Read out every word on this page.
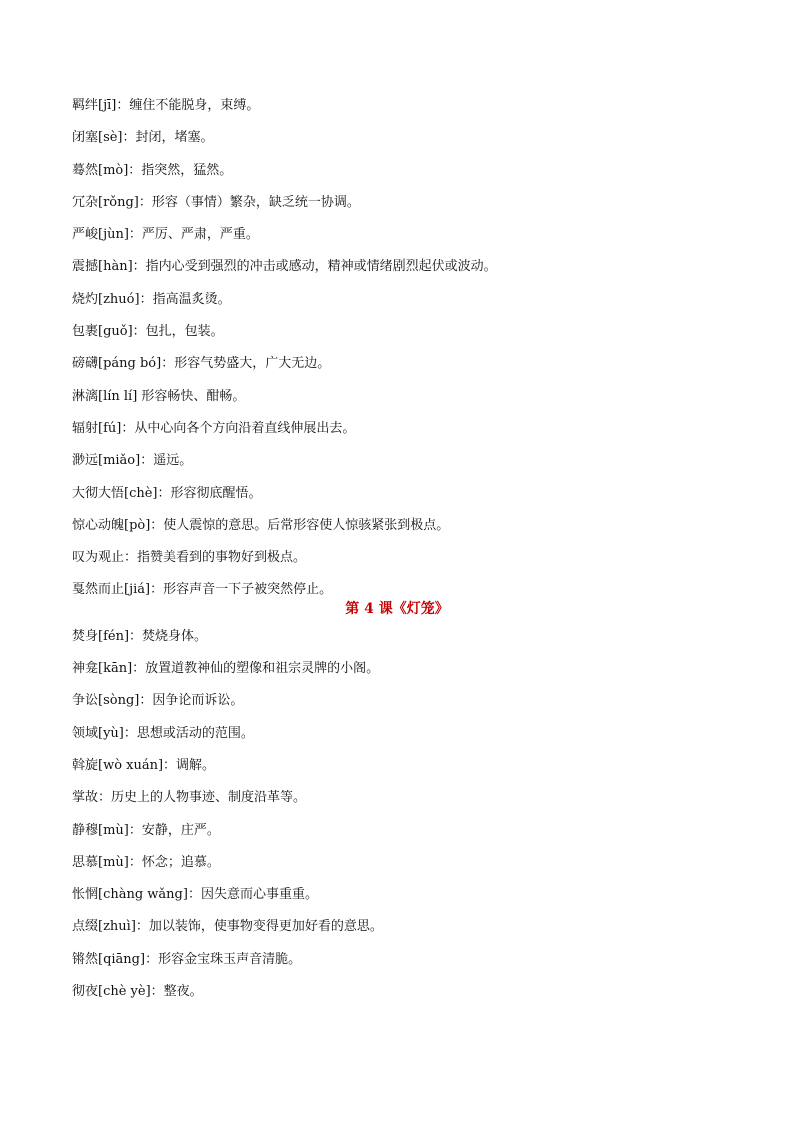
羁绊[jī]：缠住不能脱身，束缚。
闭塞[sè]：封闭，堵塞。
蓦然[mò]：指突然，猛然。
冗杂[rǒng]：形容（事情）繁杂，缺乏统一协调。
严峻[jùn]：严厉、严肃，严重。
震撼[hàn]：指内心受到强烈的冲击或感动，精神或情绪剧烈起伏或波动。
烧灼[zhuó]：指高温炙烫。
包裹[guǒ]：包扎，包装。
磅礴[páng bó]：形容气势盛大，广大无边。
淋漓[lín lí] 形容畅快、酣畅。
辐射[fú]：从中心向各个方向沿着直线伸展出去。
渺远[miǎo]：遥远。
大彻大悟[chè]：形容彻底醒悟。
惊心动魄[pò]：使人震惊的意思。后常形容使人惊骇紧张到极点。
叹为观止：指赞美看到的事物好到极点。
戛然而止[jiá]：形容声音一下子被突然停止。
第 4 课《灯笼》
焚身[fén]：焚烧身体。
神龛[kān]：放置道教神仙的塑像和祖宗灵牌的小阁。
争讼[sòng]：因争论而诉讼。
领域[yù]：思想或活动的范围。
斡旋[wò xuán]：调解。
掌故：历史上的人物事迹、制度沿革等。
静穆[mù]：安静，庄严。
思慕[mù]：怀念；追慕。
怅惘[chàng wǎng]：因失意而心事重重。
点缀[zhuì]：加以装饰，使事物变得更加好看的意思。
锵然[qiāng]：形容金宝珠玉声音清脆。
彻夜[chè yè]：整夜。
